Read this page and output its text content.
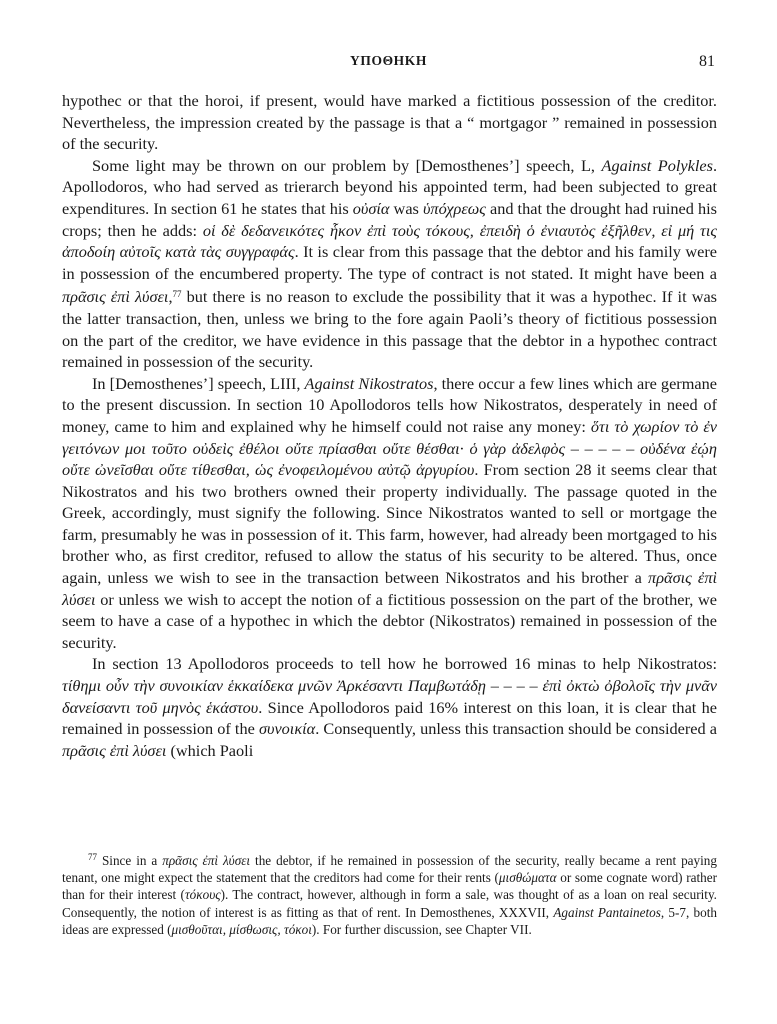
ΥΠΟΘΗΚΗ	81

hypothec or that the horoi, if present, would have marked a fictitious possession of the creditor. Nevertheless, the impression created by the passage is that a “ mortgagor ” remained in possession of the security.

Some light may be thrown on our problem by [Demosthenes’] speech, L, Against Polykles. Apollodoros, who had served as trierarch beyond his appointed term, had been subjected to great expenditures. In section 61 he states that his οὐσία was ὑπόχρεως and that the drought had ruined his crops; then he adds: οἱ δὲ δεδανεικότες ἧκον ἐπὶ τοὺς τόκους, ἐπειδὴ ὁ ἐνιαυτὸς ἐξῆλθεν, εἰ μή τις ἀποδοίη αὐτοῖς κατὰ τὰς συγγραφάς. It is clear from this passage that the debtor and his family were in possession of the encumbered property. The type of contract is not stated. It might have been a πρᾶσις ἐπὶ λύσει,$^{77}$ but there is no reason to exclude the possibility that it was a hypothec. If it was the latter transaction, then, unless we bring to the fore again Paoli’s theory of fictitious possession on the part of the creditor, we have evidence in this passage that the debtor in a hypothec contract remained in possession of the security.

In [Demosthenes’] speech, LIII, Against Nikostratos, there occur a few lines which are germane to the present discussion. In section 10 Apollodoros tells how Nikostratos, desperately in need of money, came to him and explained why he himself could not raise any money: ὅτι τὸ χωρίον τὸ ἐν γειτόνων μοι τοῦτο οὐδεὶς ἐθέλοι οὔτε πρίασθαι οὔτε θέσθαι· ὁ γὰρ ἀδελφὸς – – – – – οὐδένα ἐῴη οὔτε ὠνεῖσθαι οὔτε τίθεσθαι, ὡς ἐνοφειλομένου αὐτῷ ἀργυρίου. From section 28 it seems clear that Nikostratos and his two brothers owned their property individually. The passage quoted in the Greek, accordingly, must signify the following. Since Nikostratos wanted to sell or mortgage the farm, presumably he was in possession of it. This farm, however, had already been mortgaged to his brother who, as first creditor, refused to allow the status of his security to be altered. Thus, once again, unless we wish to see in the transaction between Nikostratos and his brother a πρᾶσις ἐπὶ λύσει or unless we wish to accept the notion of a fictitious possession on the part of the brother, we seem to have a case of a hypothec in which the debtor (Nikostratos) remained in possession of the security.

In section 13 Apollodoros proceeds to tell how he borrowed 16 minas to help Nikostratos: τίθημι οὖν τὴν συνοικίαν ἑκκαίδεκα μνῶν Ἀρκέσαντι Παμβωτάδῃ – – – – ἐπὶ ὀκτὼ ὀβολοῖς τὴν μνᾶν δανείσαντι τοῦ μηνὸς ἑκάστου. Since Apollodoros paid 16% interest on this loan, it is clear that he remained in possession of the συνοικία. Consequently, unless this transaction should be considered a πρᾶσις ἐπὶ λύσει (which Paoli

$^{77}$ Since in a πρᾶσις ἐπὶ λύσει the debtor, if he remained in possession of the security, really became a rent paying tenant, one might expect the statement that the creditors had come for their rents (μισθώματα or some cognate word) rather than for their interest (τόκους). The contract, however, although in form a sale, was thought of as a loan on real security. Consequently, the notion of interest is as fitting as that of rent. In Demosthenes, XXXVII, Against Pantainetos, 5-7, both ideas are expressed (μισθοῦται, μίσθωσις, τόκοι). For further discussion, see Chapter VII.
